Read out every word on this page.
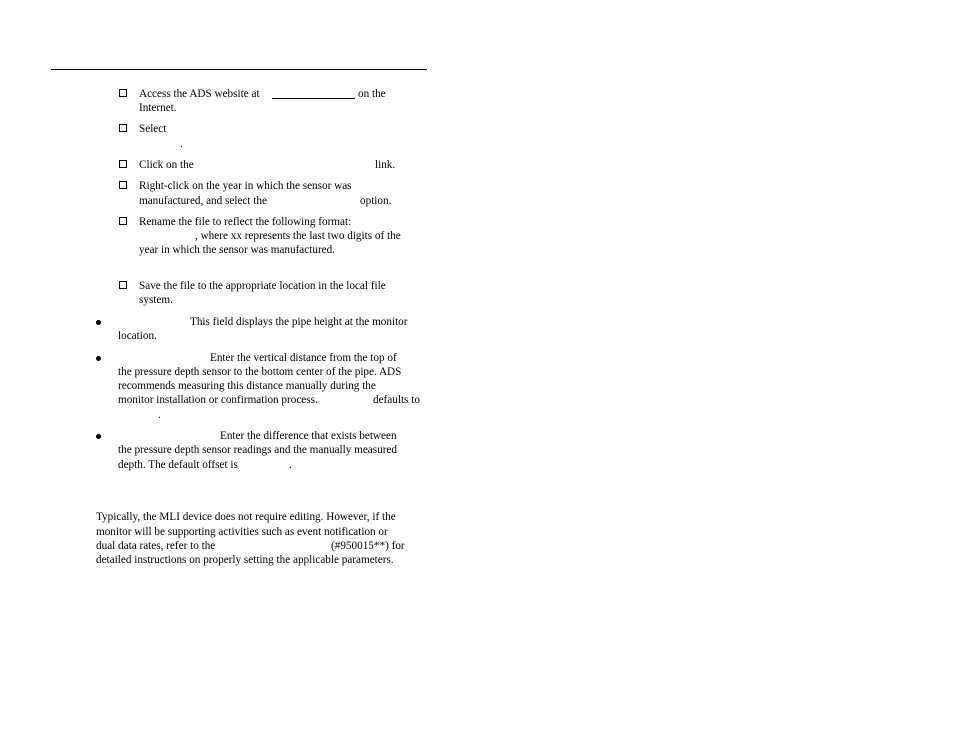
Access the ADS website at	on the
Internet.
Select
.
Click on the	link.
Right-click on the year in which the sensor was
manufactured, and select the	option.
Rename the file to reflect the following format:
, where xx represents the last two digits of the
year in which the sensor was manufactured.
Save the file to the appropriate location in the local file
system.
This field displays the pipe height at the monitor
location.
Enter the vertical distance from the top of
the pressure depth sensor to the bottom center of the pipe. ADS
recommends measuring this distance manually during the
monitor installation or confirmation process.	defaults to
.
Enter the difference that exists between
the pressure depth sensor readings and the manually measured
depth. The default offset is	.
Typically, the MLI device does not require editing. However, if the
monitor will be supporting activities such as event notification or
dual data rates, refer to the	(#950015**) for
detailed instructions on properly setting the applicable parameters.
